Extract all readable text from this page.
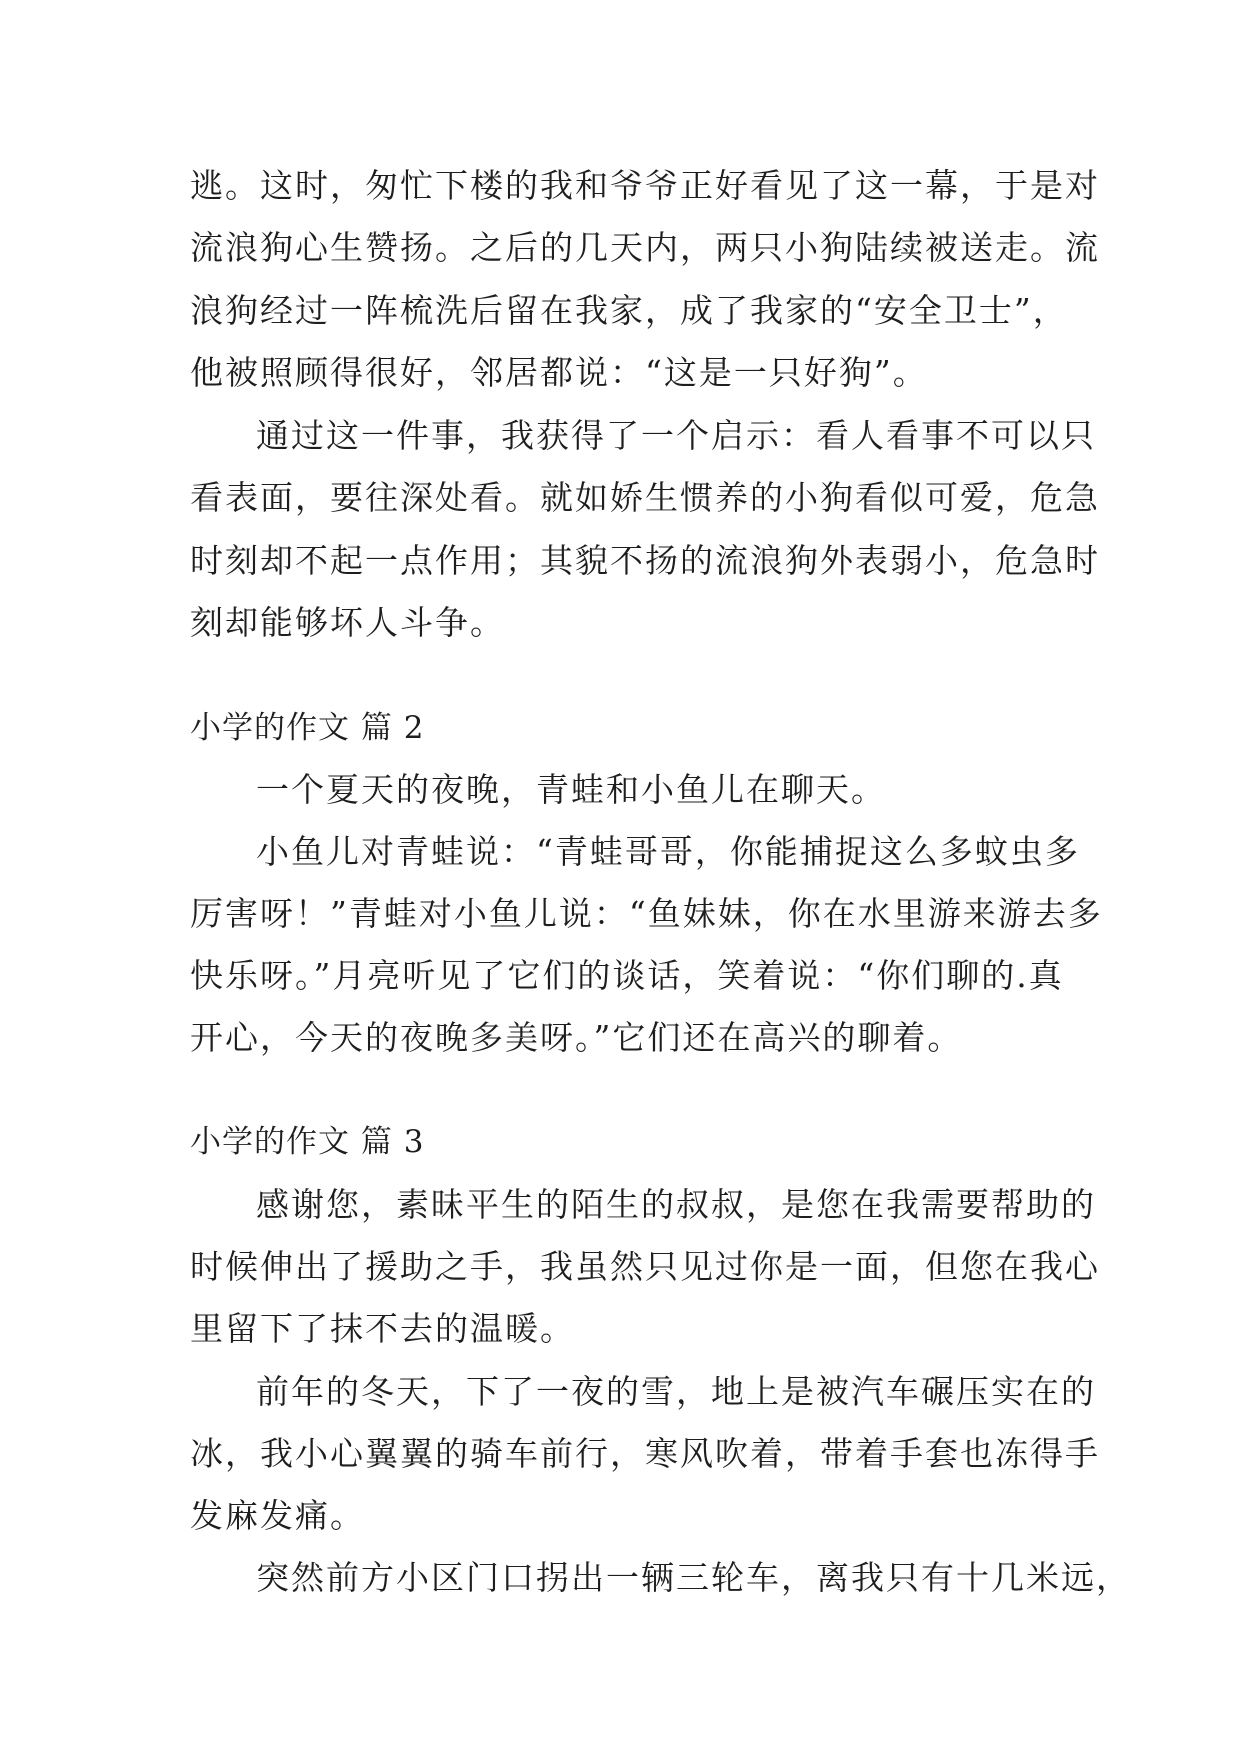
逃。这时，匆忙下楼的我和爷爷正好看见了这一幕，于是对
流浪狗心生赞扬。之后的几天内，两只小狗陆续被送走。流
浪狗经过一阵梳洗后留在我家，成了我家的“安全卫士”，
他被照顾得很好，邻居都说：“这是一只好狗”。
通过这一件事，我获得了一个启示：看人看事不可以只
看表面，要往深处看。就如娇生惯养的小狗看似可爱，危急
时刻却不起一点作用；其貌不扬的流浪狗外表弱小，危急时
刻却能够坏人斗争。
小学的作文 篇 2
一个夏天的夜晚，青蛙和小鱼儿在聊天。
小鱼儿对青蛙说：“青蛙哥哥，你能捕捉这么多蚊虫多
厉害呀！”青蛙对小鱼儿说：“鱼妹妹，你在水里游来游去多
快乐呀。”月亮听见了它们的谈话，笑着说：“你们聊的.真
开心，今天的夜晚多美呀。”它们还在高兴的聊着。
小学的作文 篇 3
感谢您，素昧平生的陌生的叔叔，是您在我需要帮助的
时候伸出了援助之手，我虽然只见过你是一面，但您在我心
里留下了抹不去的温暖。
前年的冬天，下了一夜的雪，地上是被汽车碾压实在的
冰，我小心翼翼的骑车前行，寒风吹着，带着手套也冻得手
发麻发痛。
突然前方小区门口拐出一辆三轮车，离我只有十几米远，
